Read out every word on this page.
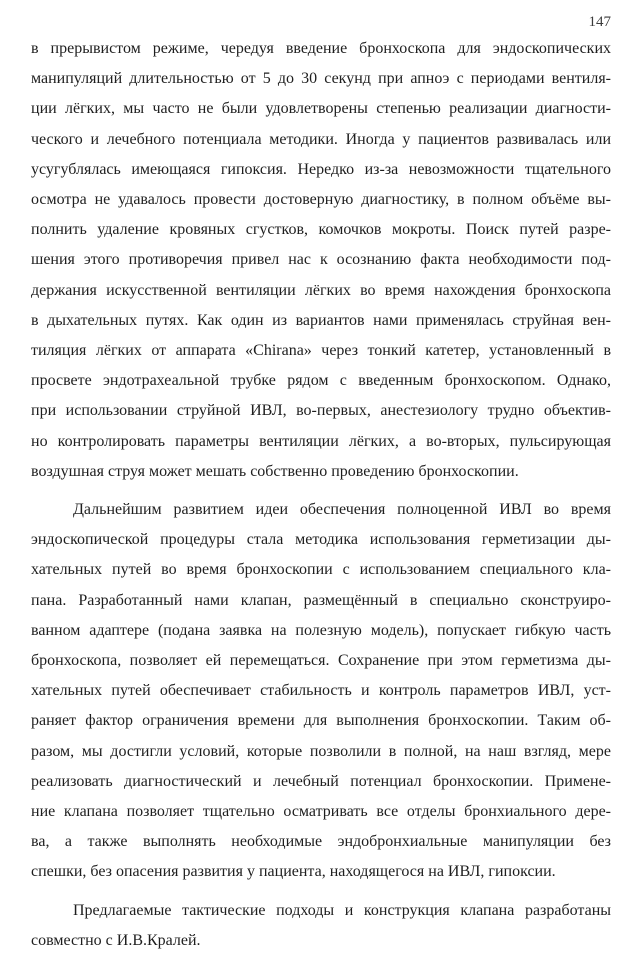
147
в прерывистом режиме, чередуя введение бронхоскопа для эндоскопических
манипуляций длительностью от 5 до 30 секунд при апноэ с периодами вентиля-
ции лёгких, мы часто не были удовлетворены степенью реализации диагности-
ческого и лечебного потенциала методики. Иногда у пациентов развивалась или
усугублялась имеющаяся гипоксия. Нередко из-за невозможности тщательного
осмотра не удавалось провести достоверную диагностику, в полном объёме вы-
полнить удаление кровяных сгустков, комочков мокроты. Поиск путей разре-
шения этого противоречия привел нас к осознанию факта необходимости под-
держания искусственной вентиляции лёгких во время нахождения бронхоскопа
в дыхательных путях. Как один из вариантов нами применялась струйная вен-
тиляция лёгких от аппарата «Chirana» через тонкий катетер, установленный в
просвете эндотрахеальной трубке рядом с введенным бронхоскопом. Однако,
при использовании струйной ИВЛ, во-первых, анестезиологу трудно объектив-
но контролировать параметры вентиляции лёгких, а во-вторых, пульсирующая
воздушная струя может мешать собственно проведению бронхоскопии.
Дальнейшим развитием идеи обеспечения полноценной ИВЛ во время
эндоскопической процедуры стала методика использования герметизации ды-
хательных путей во время бронхоскопии с использованием специального кла-
пана. Разработанный нами клапан, размещённый в специально сконструиро-
ванном адаптере (подана заявка на полезную модель), попускает гибкую часть
бронхоскопа, позволяет ей перемещаться. Сохранение при этом герметизма ды-
хательных путей обеспечивает стабильность и контроль параметров ИВЛ, уст-
раняет фактор ограничения времени для выполнения бронхоскопии. Таким об-
разом, мы достигли условий, которые позволили в полной, на наш взгляд, мере
реализовать диагностический и лечебный потенциал бронхоскопии. Примене-
ние клапана позволяет тщательно осматривать все отделы бронхиального дере-
ва, а также выполнять необходимые эндобронхиальные манипуляции без
спешки, без опасения развития у пациента, находящегося на ИВЛ, гипоксии.
Предлагаемые тактические подходы и конструкция клапана разработаны
совместно с И.В.Кралей.
